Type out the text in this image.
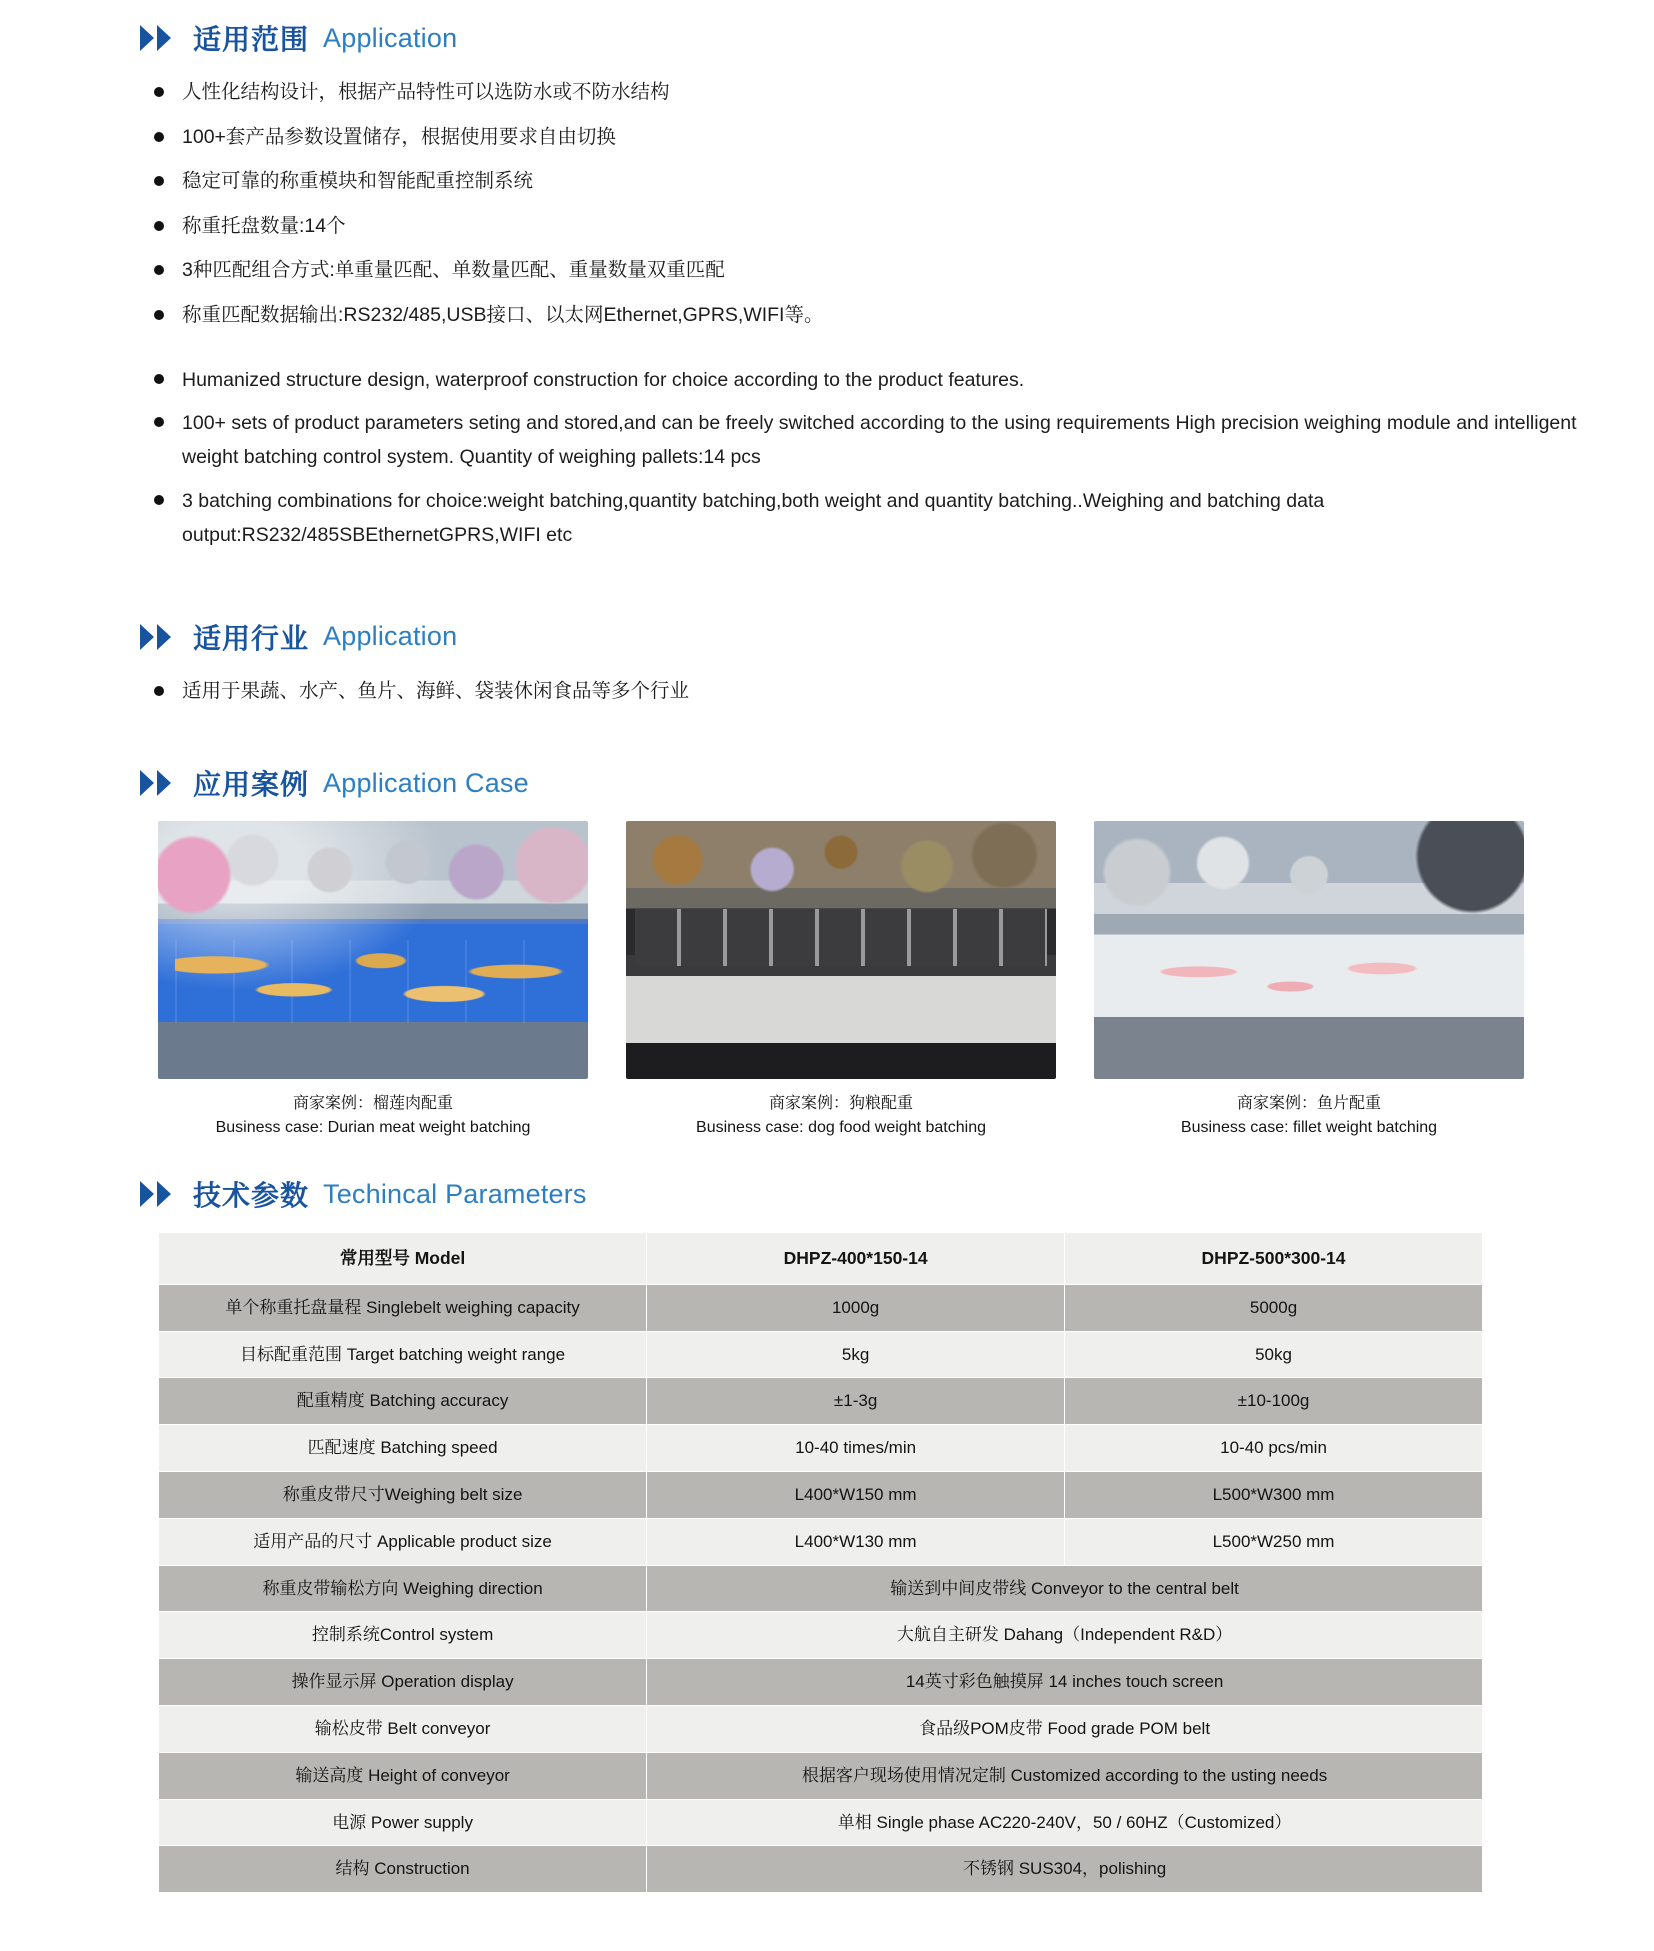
适用范围 Application
人性化结构设计，根据产品特性可以选防水或不防水结构
100+套产品参数设置储存，根据使用要求自由切换
稳定可靠的称重模块和智能配重控制系统
称重托盘数量:14个
3种匹配组合方式:单重量匹配、单数量匹配、重量数量双重匹配
称重匹配数据输出:RS232/485,USB接口、以太网Ethernet,GPRS,WIFI等。
Humanized structure design, waterproof construction for choice according to the product features.
100+ sets of product parameters seting and stored,and can be freely switched according to the using requirements High precision weighing module and intelligent weight batching control system. Quantity of weighing pallets:14 pcs
3 batching combinations for choice:weight batching,quantity batching,both weight and quantity batching..Weighing and batching data output:RS232/485SBEthernetGPRS,WIFI etc
适用行业 Application
适用于果蔬、水产、鱼片、海鲜、袋装休闲食品等多个行业
应用案例 Application Case
商家案例：榴莲肉配重
Business case: Durian meat weight batching
商家案例：狗粮配重
Business case: dog food weight batching
商家案例：鱼片配重
Business case: fillet weight batching
技术参数 Techincal Parameters
常用型号 Model	DHPZ-400*150-14	DHPZ-500*300-14
单个称重托盘量程 Singlebelt weighing capacity	1000g	5000g
目标配重范围 Target batching weight range	5kg	50kg
配重精度 Batching accuracy	±1-3g	±10-100g
匹配速度 Batching speed	10-40 times/min	10-40 pcs/min
称重皮带尺寸Weighing belt size	L400*W150 mm	L500*W300 mm
适用产品的尺寸 Applicable product size	L400*W130 mm	L500*W250 mm
称重皮带输松方向 Weighing direction	输送到中间皮带线 Conveyor to the central belt	
控制系统Control system	大航自主研发 Dahang（Independent R&D）	
操作显示屏 Operation display	14英寸彩色触摸屏 14 inches touch screen	
输松皮带 Belt conveyor	食品级POM皮带 Food grade POM belt	
输送高度 Height of conveyor	根据客户现场使用情况定制 Customized according to the usting needs	
电源 Power supply	单相 Single phase AC220-240V，50 / 60HZ（Customized）	
结构 Construction	不锈钢 SUS304，polishing	
